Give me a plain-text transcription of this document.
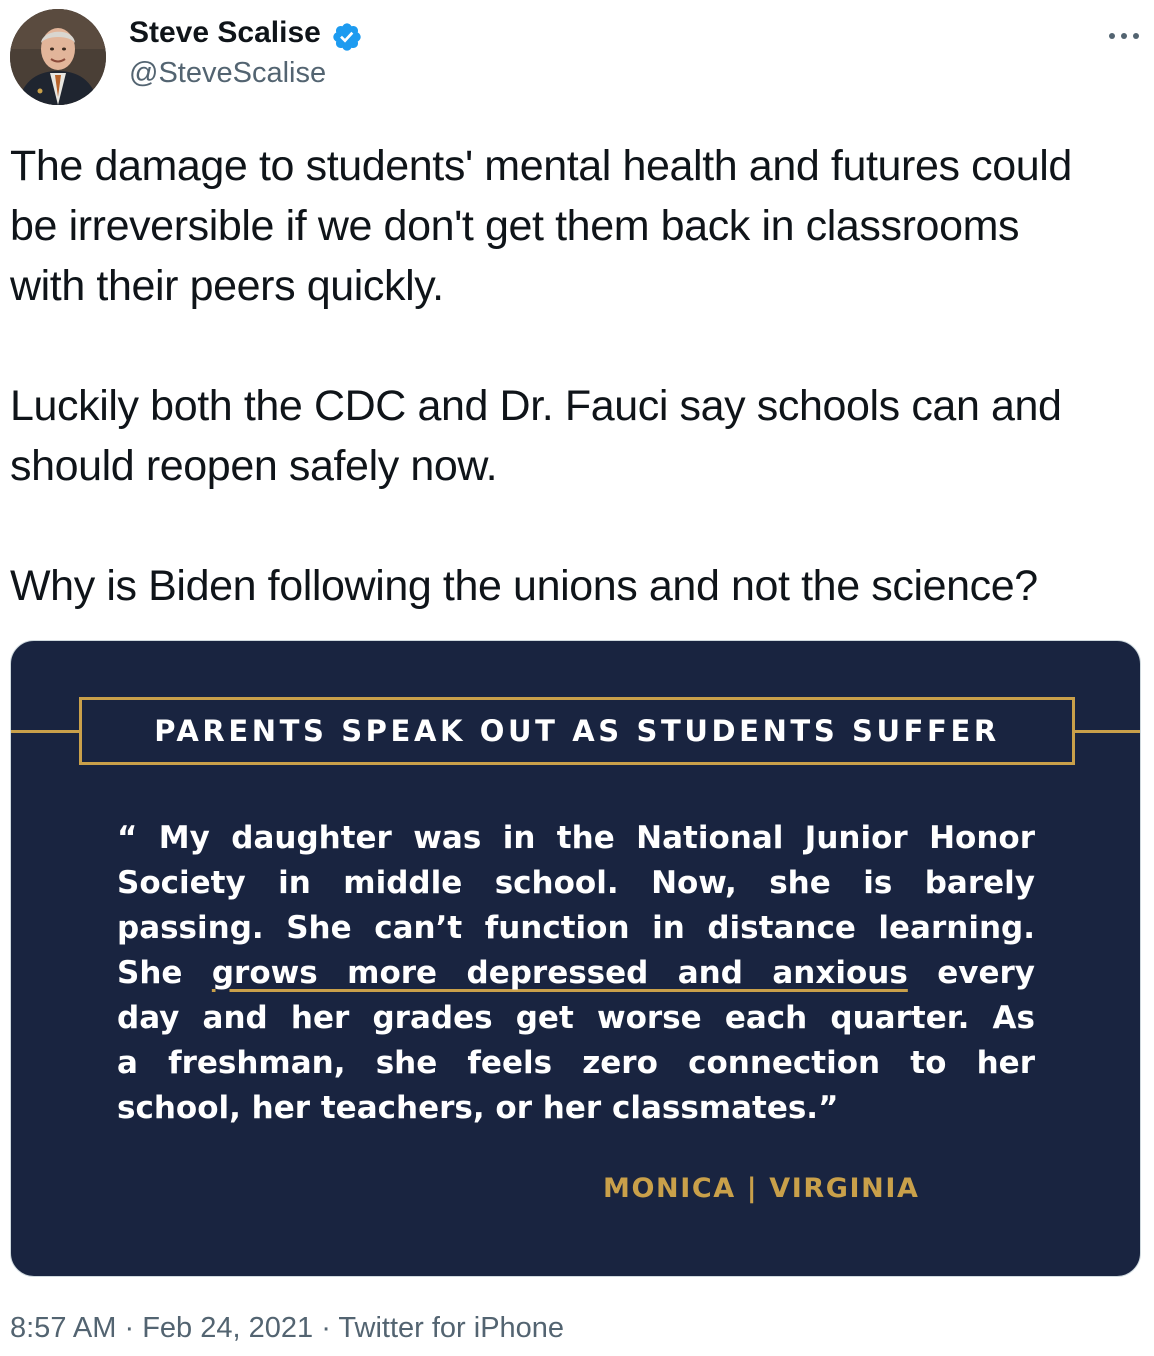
Steve Scalise
@SteveScalise

The damage to students' mental health and futures could

be irreversible if we don't get them back in classrooms

with their peers quickly.

Luckily both the CDC and Dr. Fauci say schools can and

should reopen safely now.

Why is Biden following the unions and not the science?

PARENTS SPEAK OUT AS STUDENTS SUFFER
“ My daughter was in the National Junior Honor
Society in middle school. Now, she is barely
passing. She can’t function in distance learning.
She grows more depressed and anxious every
day and her grades get worse each quarter. As
a freshman, she feels zero connection to her
school, her teachers, or her classmates.”
MONICA | VIRGINIA
8:57 AM · Feb 24, 2021 · Twitter for iPhone
